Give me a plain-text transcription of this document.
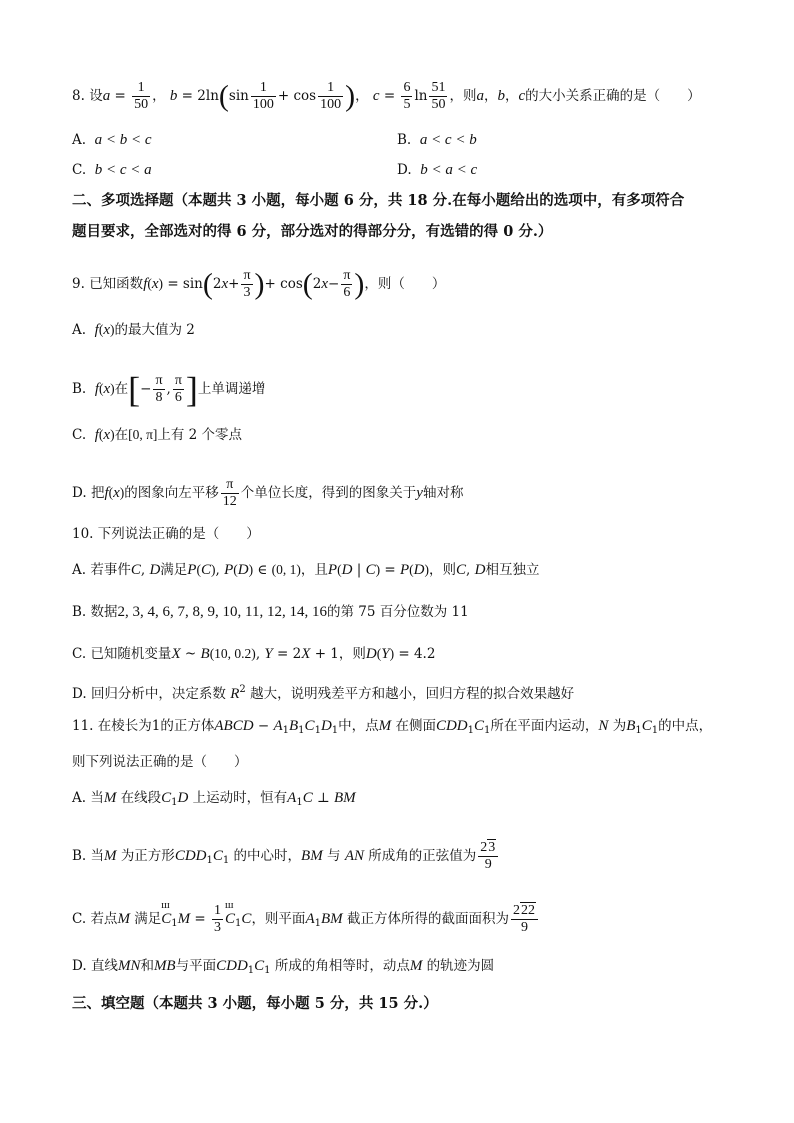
8. 设$a = \frac{1}{50}$ ， $b = 2\ln(\sin \frac{1}{100} + \cos \frac{1}{100}$ )， $c = \frac{6}{5}$ $\ln \frac{51}{50}$ ，则a，b，c的大小关系正确的是（　　）
A. a < b < c	B. a < c < b
C. b < c < a	D. b < a < c
二、多项选择题（本题共 3 小题，每小题 6 分，共 18 分.在每小题给出的选项中，有多项符合
题目要求，全部选对的得 6 分，部分选对的得部分分，有选错的得 0 分.）
9. 已知函数$f(x) = \sin(2x+ \frac{\pi}{3}$ )+ $\cos(2x- \frac{\pi}{6}$ )，则（　　）
A. f(x)的最大值为 2
B. f(x)在[− $\frac{\pi}{8}$ , $\frac{\pi}{6}$ ]上单调递增
C. f(x)在[0, π]上有 2 个零点
D. 把f(x)的图象向左平移 $\frac{\pi}{12}$ 个单位长度，得到的图象关于y轴对称
10. 下列说法正确的是（　　）
A. 若事件C, D满足P(C), P(D) ∈ (0, 1)，且P(D | C) = P(D)，则C, D相互独立
B. 数据2, 3, 4, 6, 7, 8, 9, 10, 11, 12, 14, 16的第 75 百分位数为 11
C. 已知随机变量X ~ B(10, 0.2), Y = 2X + 1，则D(Y) = 4.2
D. 回归分析中，决定系数 $R^2$ 越大，说明残差平方和越小，回归方程的拟合效果越好
11. 在棱长为1的正方体ABCD − $A_1B_1C_1D_1$中，点M 在侧面$CDD_1C_1$所在平面内运动，N 为$B_1C_1$的中点，
则下列说法正确的是（　　）
A. 当M 在线段$C_1D$ 上运动时，恒有$A_1C$ ⊥ BM
B. 当M 为正方形$CDD_1C_1$ 的中心时，BM 与 AN 所成角的正弦值为 $\frac{23}{9}$
C. 若点M 满足ш $C_1M = \frac{1}{3}$
ш $C_1C$，则平面$A_1BM$ 截正方体所得的截面面积为 $\frac{222}{9}$
D. 直线MN和MB与平面$CDD_1C_1$ 所成的角相等时，动点M 的轨迹为圆
三、填空题（本题共 3 小题，每小题 5 分，共 15 分.）
